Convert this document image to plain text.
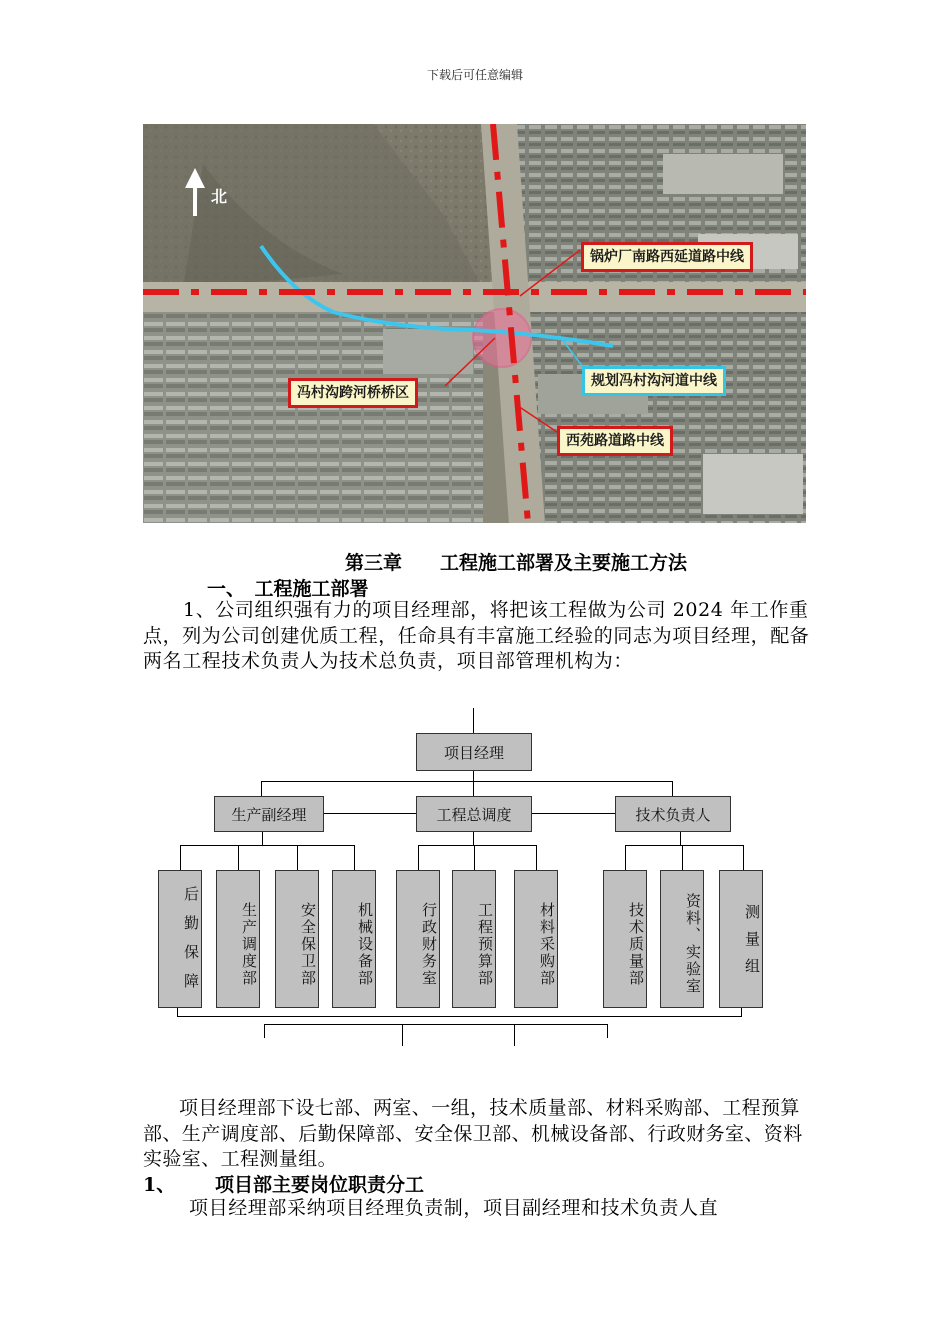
下载后可任意编辑
北
锅炉厂南路西延道路中线
规划冯村沟河道中线
冯村沟跨河桥桥区
西苑路道路中线
第三章　　工程施工部署及主要施工方法
一、　工程施工部署
1、公司组织强有力的项目经理部，将把该工程做为公司 2024 年工作重点，列为公司创建优质工程，任命具有丰富施工经验的同志为项目经理，配备两名工程技术负责人为技术总负责，项目部管理机构为：
项目经理
生产副经理	工程总调度	技术负责人
后勤保障	生产调度部	安全保卫部	机械设备部	行政财务室	工程预算部	材料采购部	技术质量部	资料、实验室	测量组
项目经理部下设七部、两室、一组，技术质量部、材料采购部、工程预算部、生产调度部、后勤保障部、安全保卫部、机械设备部、行政财务室、资料实验室、工程测量组。
1、 项目部主要岗位职责分工
项目经理部采纳项目经理负责制，项目副经理和技术负责人直
